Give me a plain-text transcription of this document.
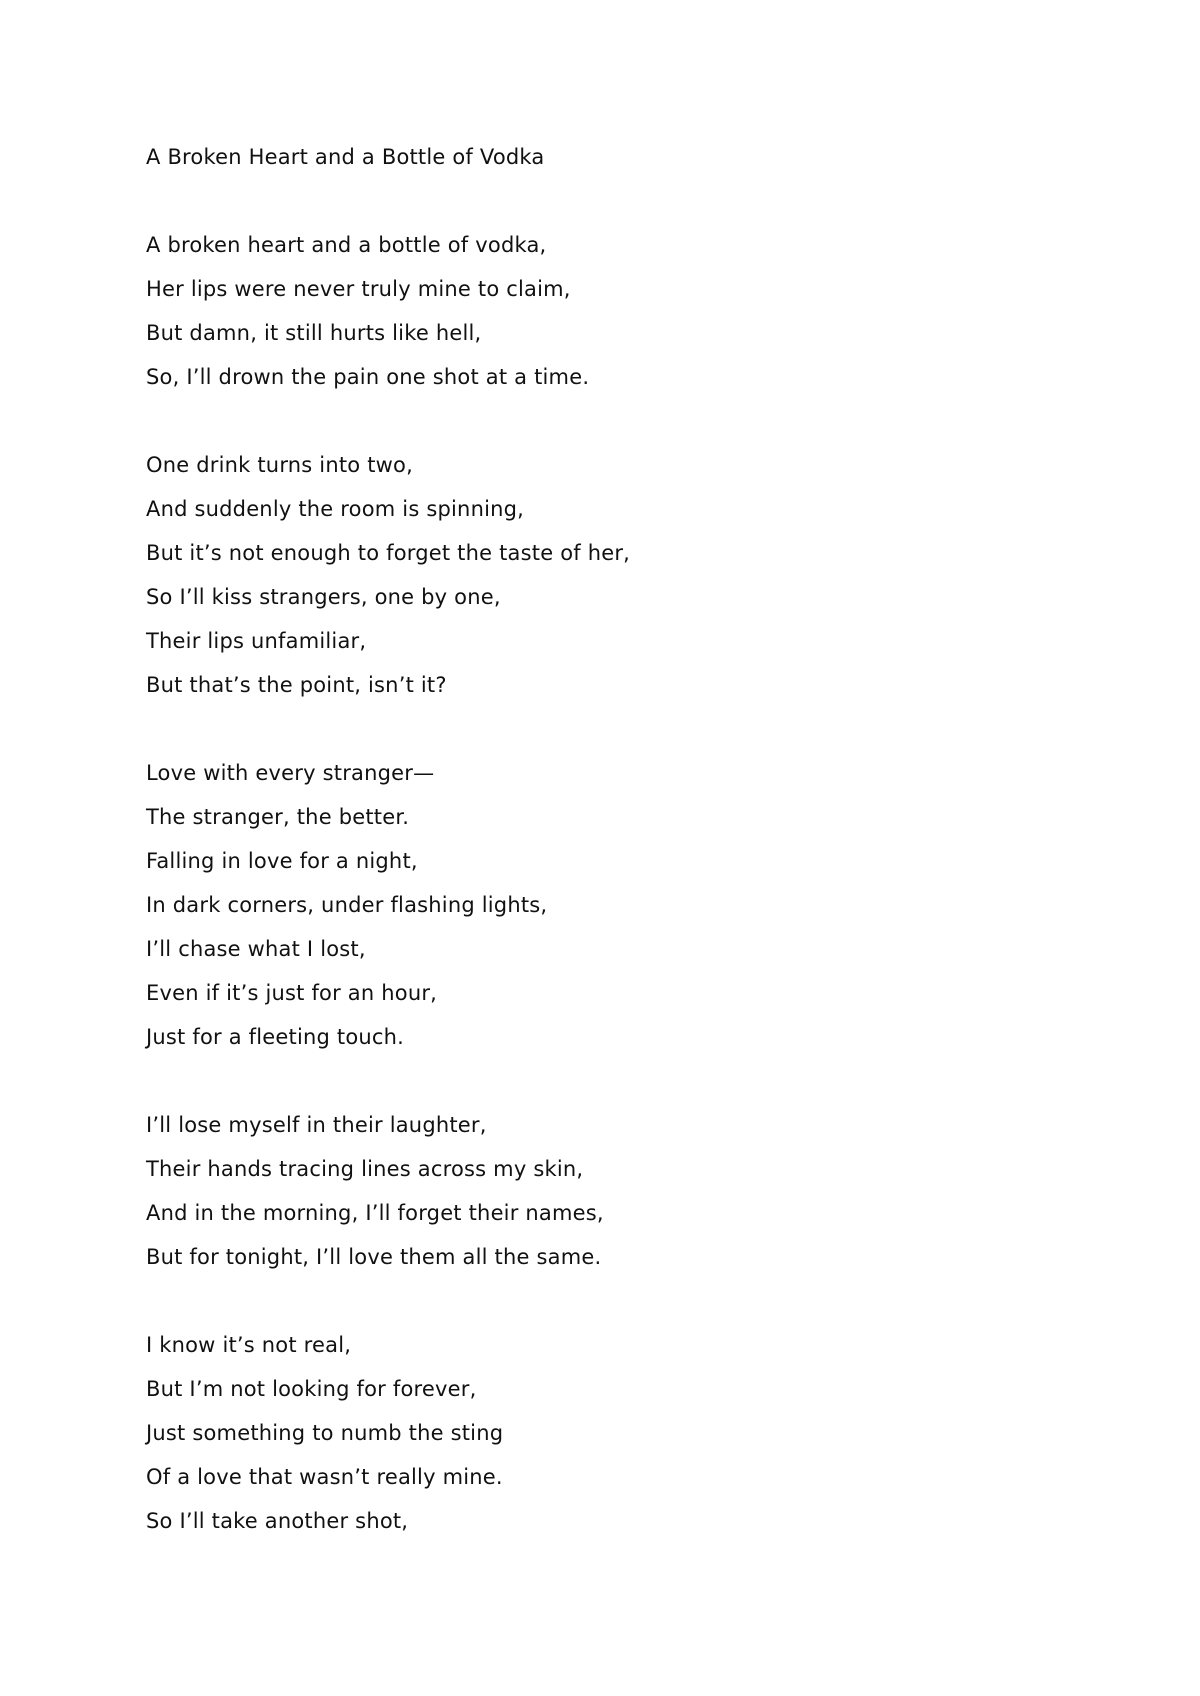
A Broken Heart and a Bottle of Vodka
A broken heart and a bottle of vodka,
Her lips were never truly mine to claim,
But damn, it still hurts like hell,
So, I’ll drown the pain one shot at a time.
One drink turns into two,
And suddenly the room is spinning,
But it’s not enough to forget the taste of her,
So I’ll kiss strangers, one by one,
Their lips unfamiliar,
But that’s the point, isn’t it?
Love with every stranger—
The stranger, the better.
Falling in love for a night,
In dark corners, under flashing lights,
I’ll chase what I lost,
Even if it’s just for an hour,
Just for a fleeting touch.
I’ll lose myself in their laughter,
Their hands tracing lines across my skin,
And in the morning, I’ll forget their names,
But for tonight, I’ll love them all the same.
I know it’s not real,
But I’m not looking for forever,
Just something to numb the sting
Of a love that wasn’t really mine.
So I’ll take another shot,
